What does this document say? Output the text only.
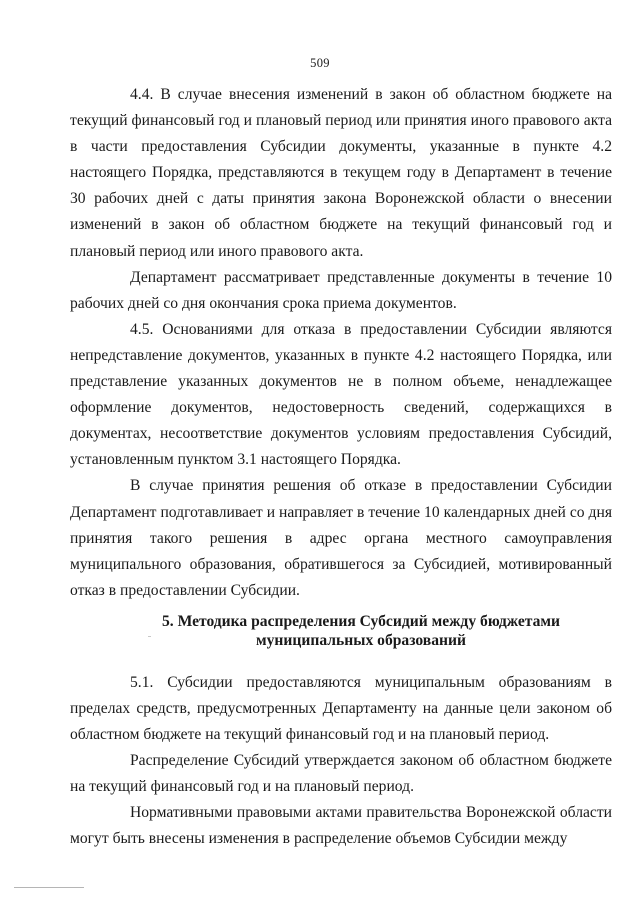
509

4.4. В случае внесения изменений в закон об областном бюджете на текущий финансовый год и плановый период или принятия иного правового акта в части предоставления Субсидии документы, указанные в пункте 4.2 настоящего Порядка, представляются в текущем году в Департамент в течение 30 рабочих дней с даты принятия закона Воронежской области о внесении изменений в закон об областном бюджете на текущий финансовый год и плановый период или иного правового акта.

Департамент рассматривает представленные документы в течение 10 рабочих дней со дня окончания срока приема документов.

4.5. Основаниями для отказа в предоставлении Субсидии являются непредставление документов, указанных в пункте 4.2 настоящего Порядка, или представление указанных документов не в полном объеме, ненадлежащее оформление документов, недостоверность сведений, содержащихся в документах, несоответствие документов условиям предоставления Субсидий, установленным пунктом 3.1 настоящего Порядка.

В случае принятия решения об отказе в предоставлении Субсидии Департамент подготавливает и направляет в течение 10 календарных дней со дня принятия такого решения в адрес органа местного самоуправления муниципального образования, обратившегося за Субсидией, мотивированный отказ в предоставлении Субсидии.

5. Методика распределения Субсидий между бюджетами
муниципальных образований

5.1. Субсидии предоставляются муниципальным образованиям в пределах средств, предусмотренных Департаменту на данные цели законом об областном бюджете на текущий финансовый год и на плановый период.

Распределение Субсидий утверждается законом об областном бюджете на текущий финансовый год и на плановый период.

Нормативными правовыми актами правительства Воронежской области могут быть внесены изменения в распределение объемов Субсидии между
